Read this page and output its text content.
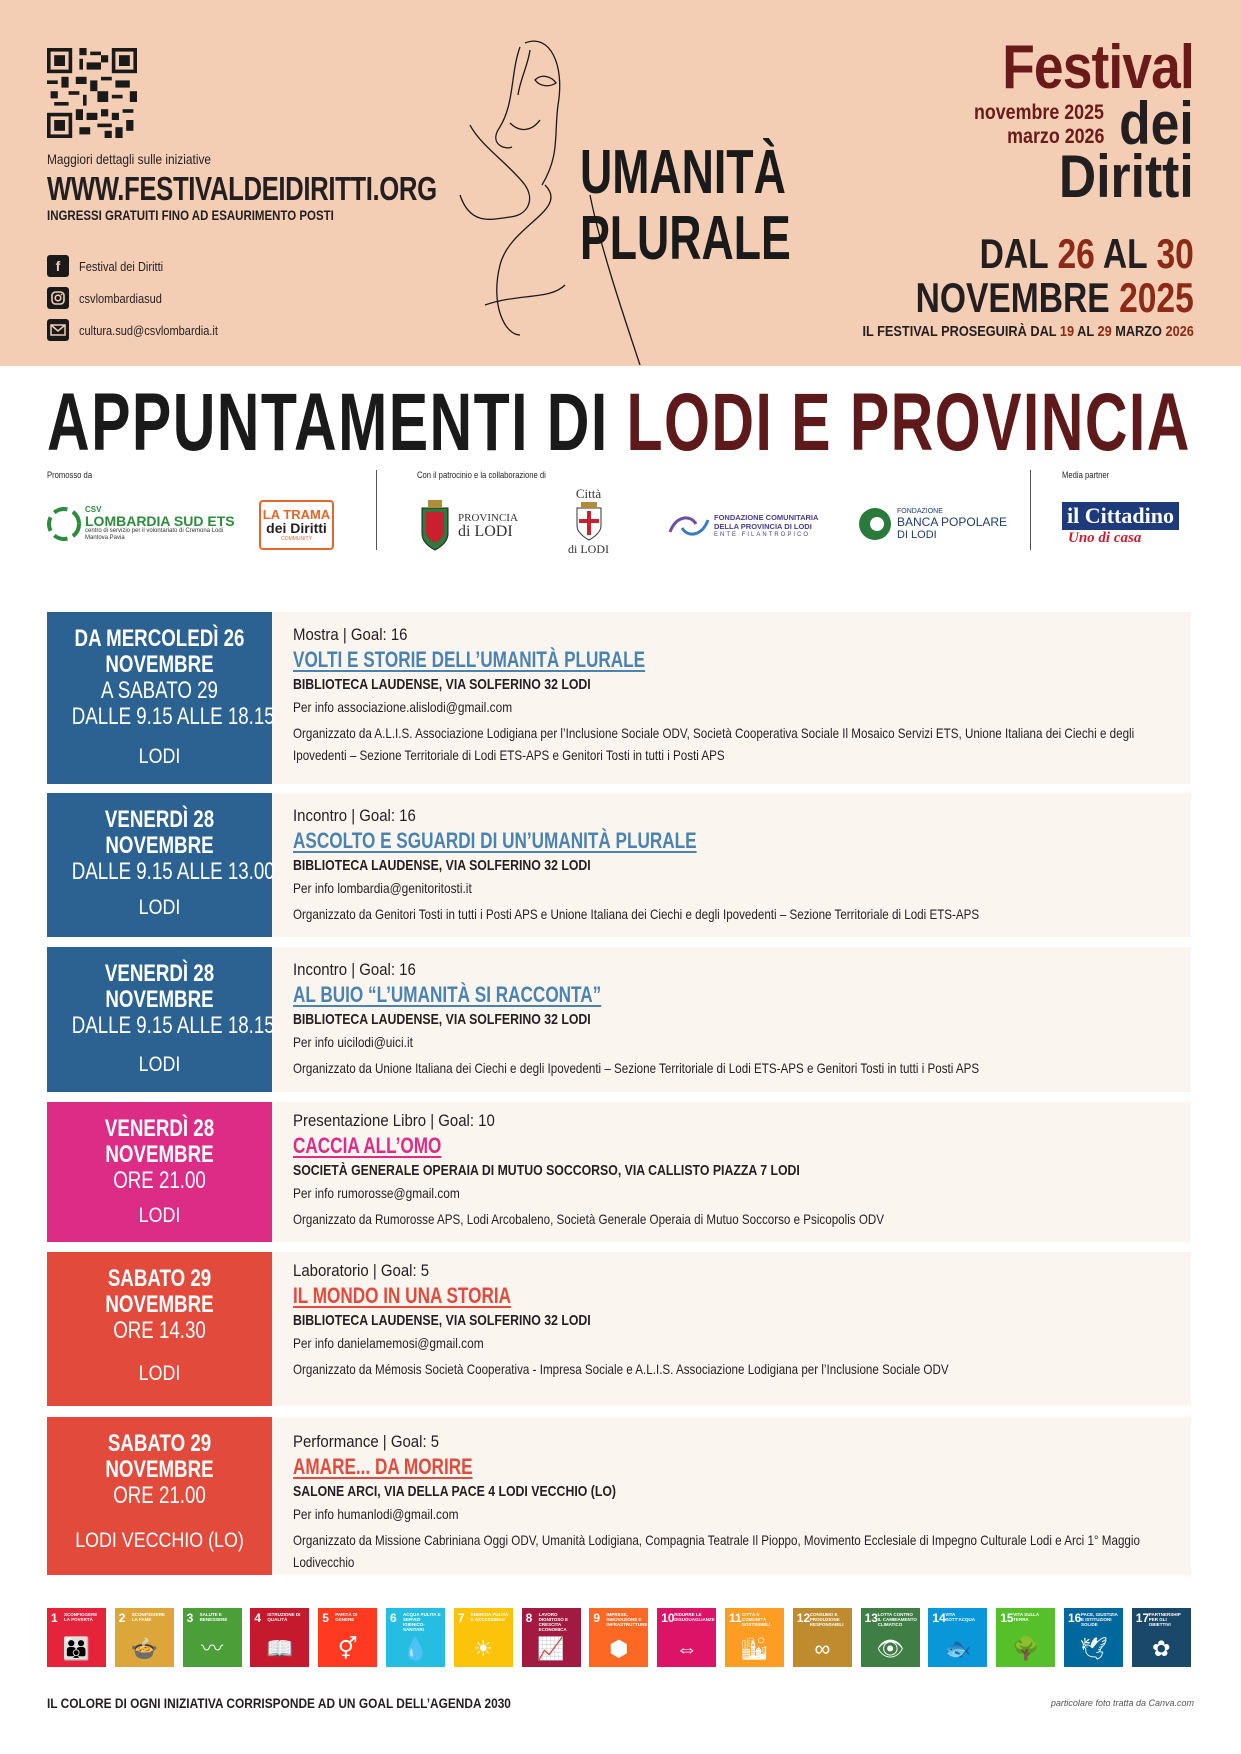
Maggiori dettagli sulle iniziative
WWW.FESTIVALDEIDIRITTI.ORG
INGRESSI GRATUITI FINO AD ESAURIMENTO POSTI
f	Festival dei Diritti
csvlombardiasud
cultura.sud@csvlombardia.it
UMANITÀ
PLURALE
Festival
novembre 2025
marzo 2026 dei
Diritti
DAL 26 AL 30
NOVEMBRE 2025
IL FESTIVAL PROSEGUIRÀ DAL 19 AL 29 MARZO 2026
APPUNTAMENTI DI LODI E PROVINCIA
Promosso da	Con il patrocinio e la collaborazione di	Media partner
CSV
LOMBARDIA SUD ETS
centro di servizio per il volontariato di Cremona Lodi Mantova Pavia
LA TRAMA
dei Diritti
COMMUNITY
PROVINCIA
di LODI
Città
di LODI
FONDAZIONE COMUNITARIA
DELLA PROVINCIA DI LODI
ENTE FILANTROPICO
FONDAZIONE
BANCA POPOLARE
DI LODI
il Cittadino
Uno di casa
DA MERCOLEDÌ 26
NOVEMBRE
A SABATO 29
DALLE 9.15 ALLE 18.15
LODI
Mostra | Goal: 16
VOLTI E STORIE DELL’UMANITÀ PLURALE
BIBLIOTECA LAUDENSE, VIA SOLFERINO 32 LODI
Per info associazione.alislodi@gmail.com
Organizzato da A.L.I.S. Associazione Lodigiana per l’Inclusione Sociale ODV, Società Cooperativa Sociale Il Mosaico Servizi ETS, Unione Italiana dei Ciechi e degli Ipovedenti – Sezione Territoriale di Lodi ETS-APS e Genitori Tosti in tutti i Posti APS
VENERDÌ 28
NOVEMBRE
DALLE 9.15 ALLE 13.00
LODI
Incontro | Goal: 16
ASCOLTO E SGUARDI DI UN’UMANITÀ PLURALE
BIBLIOTECA LAUDENSE, VIA SOLFERINO 32 LODI
Per info lombardia@genitoritosti.it
Organizzato da Genitori Tosti in tutti i Posti APS e Unione Italiana dei Ciechi e degli Ipovedenti – Sezione Territoriale di Lodi ETS-APS
VENERDÌ 28
NOVEMBRE
DALLE 9.15 ALLE 18.15
LODI
Incontro | Goal: 16
AL BUIO “L’UMANITÀ SI RACCONTA”
BIBLIOTECA LAUDENSE, VIA SOLFERINO 32 LODI
Per info uicilodi@uici.it
Organizzato da Unione Italiana dei Ciechi e degli Ipovedenti – Sezione Territoriale di Lodi ETS-APS e Genitori Tosti in tutti i Posti APS
VENERDÌ 28
NOVEMBRE
ORE 21.00
LODI
Presentazione Libro | Goal: 10
CACCIA ALL’OMO
SOCIETÀ GENERALE OPERAIA DI MUTUO SOCCORSO, VIA CALLISTO PIAZZA 7 LODI
Per info rumorosse@gmail.com
Organizzato da Rumorosse APS, Lodi Arcobaleno, Società Generale Operaia di Mutuo Soccorso e Psicopolis ODV
SABATO 29
NOVEMBRE
ORE 14.30
LODI
Laboratorio | Goal: 5
IL MONDO IN UNA STORIA
BIBLIOTECA LAUDENSE, VIA SOLFERINO 32 LODI
Per info danielamemosi@gmail.com
Organizzato da Mémosis Società Cooperativa - Impresa Sociale e A.L.I.S. Associazione Lodigiana per l’Inclusione Sociale ODV
SABATO 29
NOVEMBRE
ORE 21.00
LODI VECCHIO (LO)
Performance | Goal: 5
AMARE... DA MORIRE
SALONE ARCI, VIA DELLA PACE 4 LODI VECCHIO (LO)
Per info humanlodi@gmail.com
Organizzato da Missione Cabriniana Oggi ODV, Umanità Lodigiana, Compagnia Teatrale Il Pioppo, Movimento Ecclesiale di Impegno Culturale Lodi e Arci 1° Maggio Lodivecchio
1 SCONFIGGERE LA POVERTÀ
👪
2 SCONFIGGERE LA FAME
🍲
3 SALUTE E BENESSERE
〰
4 ISTRUZIONE DI QUALITÀ
📖
5 PARITÀ DI GENERE
⚥
6 ACQUA PULITA E SERVIZI IGIENICO-SANITARI
💧
7 ENERGIA PULITA E ACCESSIBILE
☀
8 LAVORO DIGNITOSO E CRESCITA ECONOMICA
📈
9 IMPRESE, INNOVAZIONE E INFRASTRUTTURE
⬢
10 RIDURRE LE DISUGUAGLIANZE
⇔
11 CITTÀ E COMUNITÀ SOSTENIBILI
🏙
12 CONSUMO E PRODUZIONE RESPONSABILI
∞
13 LOTTA CONTRO IL CAMBIAMENTO CLIMATICO
👁
14 VITA SOTT'ACQUA
🐟
15 VITA SULLA TERRA
🌳
16 PACE, GIUSTIZIA E ISTITUZIONI SOLIDE
🕊
17 PARTNERSHIP PER GLI OBIETTIVI
✿
IL COLORE DI OGNI INIZIATIVA CORRISPONDE AD UN GOAL DELL’AGENDA 2030	particolare foto tratta da Canva.com
